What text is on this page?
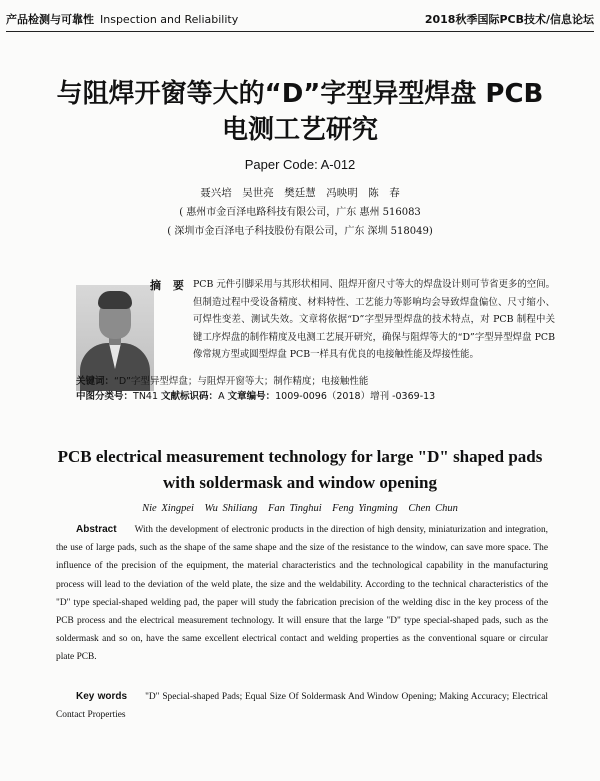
产品检测与可靠性 Inspection and Reliability	2018秋季国际PCB技术/信息论坛
与阻焊开窗等大的“D”字型异型焊盘 PCB
电测工艺研究
Paper Code: A-012
聂兴培　吴世亮　樊廷慧　冯映明　陈　春
( 惠州市金百泽电路科技有限公司，广东 惠州 516083
( 深圳市金百泽电子科技股份有限公司，广东 深圳 518049)
摘 要 PCB 元件引脚采用与其形状相同、阻焊开窗尺寸等大的焊盘设计则可节省更多的空间。但制造过程中受设备精度、材料特性、工艺能力等影响均会导致焊盘偏位、尺寸缩小、可焊性变差、测试失效。文章将依据“D”字型异型焊盘的技术特点，对 PCB 制程中关键工序焊盘的制作精度及电测工艺展开研究，确保与阻焊等大的“D”字型异型焊盘 PCB 像常规方型或圆型焊盘 PCB一样具有优良的电接触性能及焊接性能。
关键词：“D”字型异型焊盘；与阻焊开窗等大；制作精度；电接触性能
中图分类号：TN41 文献标识码：A 文章编号：1009-0096（2018）增刊 -0369-13
PCB electrical measurement technology for large "D" shaped pads
with soldermask and window opening
Nie Xingpei　Wu Shiliang　Fan Tinghui　Feng Yingming　Chen Chun
Abstract With the development of electronic products in the direction of high density, miniaturization and integration, the use of large pads, such as the shape of the same shape and the size of the resistance to the window, can save more space. The influence of the precision of the equipment, the material characteristics and the technological capability in the manufacturing process will lead to the deviation of the weld plate, the size and the weldability. According to the technical characteristics of the "D" type special-shaped welding pad, the paper will study the fabrication precision of the welding disc in the key process of the PCB process and the electrical measurement technology. It will ensure that the large "D" type special-shaped pads, such as the soldermask and so on, have the same excellent electrical contact and welding properties as the conventional square or circular plate PCB.
Key words "D" Special-shaped Pads; Equal Size Of Soldermask And Window Opening; Making Accuracy; Electrical Contact Properties
